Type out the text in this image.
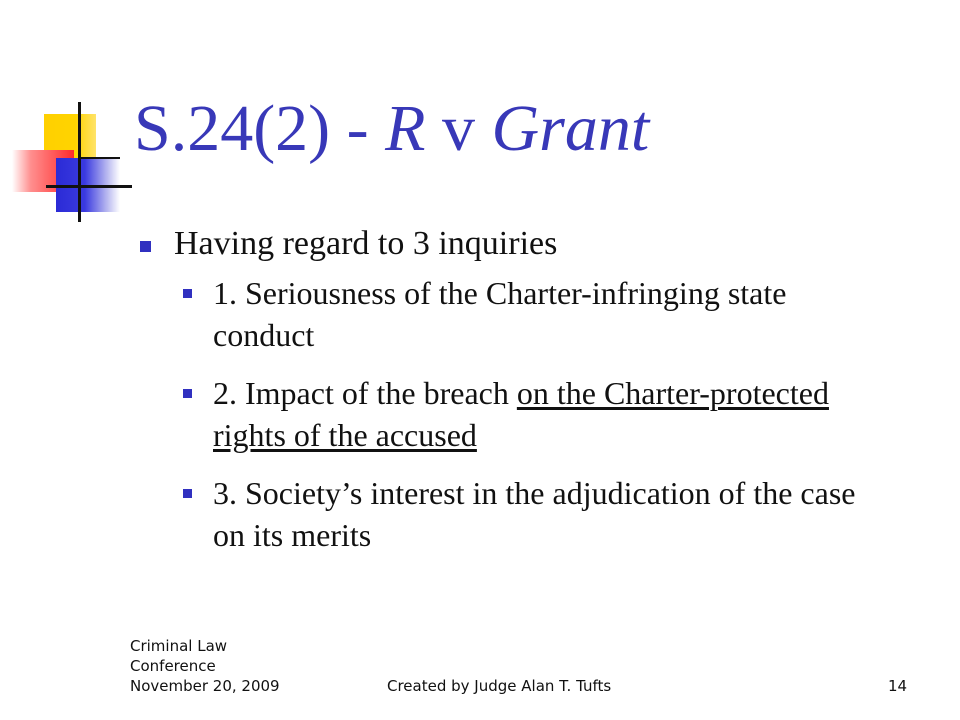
S.24(2) - R v Grant
Having regard to 3 inquiries
1. Seriousness of the Charter-infringing state conduct
2. Impact of the breach on the Charter-protected rights of the accused
3. Society’s interest in the adjudication of the case on its merits
Criminal Law
Conference
November 20, 2009	Created by Judge Alan T. Tufts	14
